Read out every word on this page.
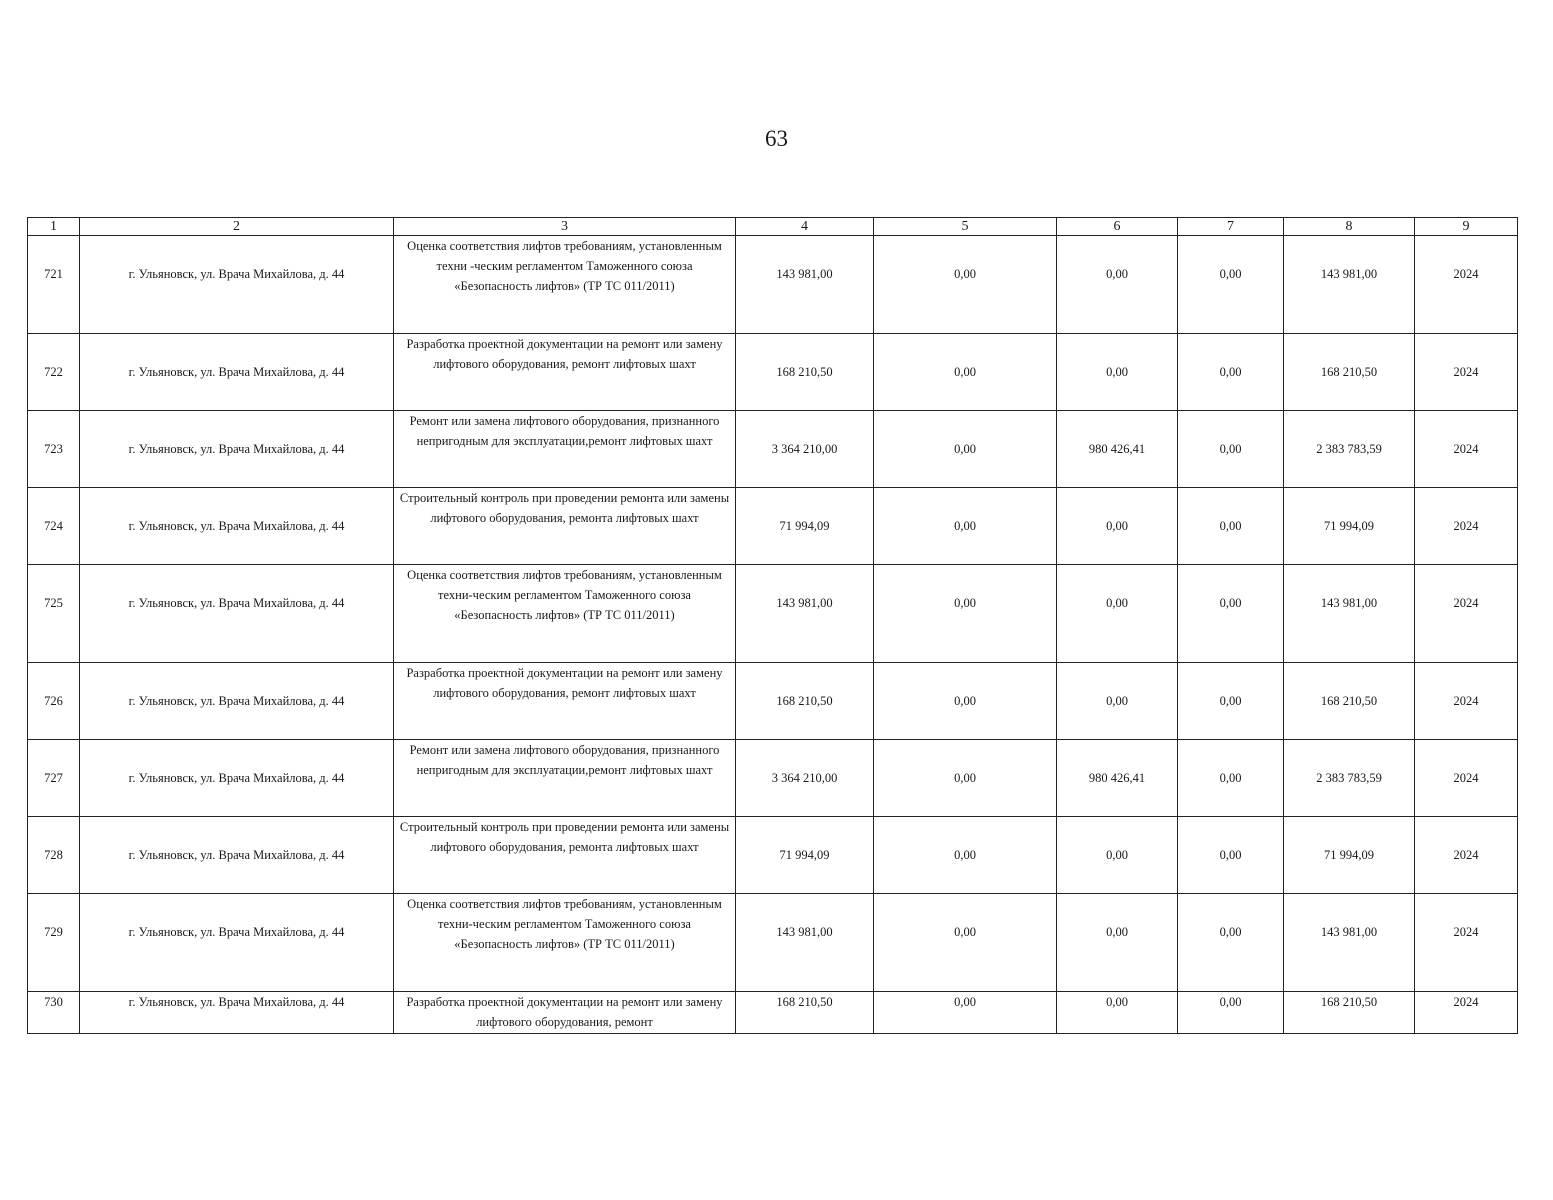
63
1	2	3	4	5	6	7	8	9
721	г. Ульяновск, ул. Врача Михайлова, д. 44	Оценка соответствия лифтов требованиям, установленным техни -ческим регламентом Таможенного союза «Безопасность лифтов» (ТР ТС 011/2011)	143 981,00	0,00	0,00	0,00	143 981,00	2024
722	г. Ульяновск, ул. Врача Михайлова, д. 44	Разработка проектной документации на ремонт или замену лифтового оборудования, ремонт лифтовых шахт	168 210,50	0,00	0,00	0,00	168 210,50	2024
723	г. Ульяновск, ул. Врача Михайлова, д. 44	Ремонт или замена лифтового оборудования, признанного непригодным для эксплуатации,ремонт лифтовых шахт	3 364 210,00	0,00	980 426,41	0,00	2 383 783,59	2024
724	г. Ульяновск, ул. Врача Михайлова, д. 44	Строительный контроль при проведении ремонта или замены лифтового оборудования, ремонта лифтовых шахт	71 994,09	0,00	0,00	0,00	71 994,09	2024
725	г. Ульяновск, ул. Врача Михайлова, д. 44	Оценка соответствия лифтов требованиям, установленным техни-ческим регламентом Таможенного союза «Безопасность лифтов» (ТР ТС 011/2011)	143 981,00	0,00	0,00	0,00	143 981,00	2024
726	г. Ульяновск, ул. Врача Михайлова, д. 44	Разработка проектной документации на ремонт или замену лифтового оборудования, ремонт лифтовых шахт	168 210,50	0,00	0,00	0,00	168 210,50	2024
727	г. Ульяновск, ул. Врача Михайлова, д. 44	Ремонт или замена лифтового оборудования, признанного непригодным для эксплуатации,ремонт лифтовых шахт	3 364 210,00	0,00	980 426,41	0,00	2 383 783,59	2024
728	г. Ульяновск, ул. Врача Михайлова, д. 44	Строительный контроль при проведении ремонта или замены лифтового оборудования, ремонта лифтовых шахт	71 994,09	0,00	0,00	0,00	71 994,09	2024
729	г. Ульяновск, ул. Врача Михайлова, д. 44	Оценка соответствия лифтов требованиям, установленным техни-ческим регламентом Таможенного союза «Безопасность лифтов» (ТР ТС 011/2011)	143 981,00	0,00	0,00	0,00	143 981,00	2024
730	г. Ульяновск, ул. Врача Михайлова, д. 44	Разработка проектной документации на ремонт или замену лифтового оборудования, ремонт	168 210,50	0,00	0,00	0,00	168 210,50	2024
